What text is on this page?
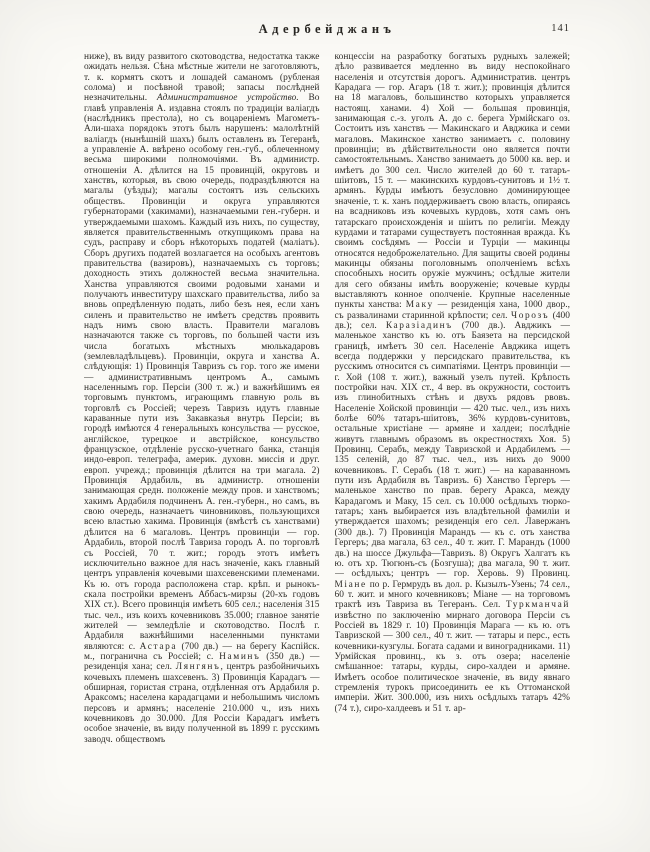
Адербейджанъ	141
ниже), въ виду развитого скотоводства, недостатка также ожидать нельзя. Сѣна мѣстные жители не заготовляютъ, т. к. кормятъ скотъ и лошадей саманомъ (рубленая солома) и посѣвной травой; запасы послѣдней незначительны. Административное устройство. Во главѣ управленія А. издавна стоялъ по традиціи валіагдъ (наслѣдникъ престола), но съ воцареніемъ Магометъ-Али-шаха порядокъ этотъ былъ нарушенъ: малолѣтній валіагдъ (нынѣшній шахъ) былъ оставленъ въ Тегеранѣ, а управленіе А. ввѣрено особому ген.-губ., облеченному весьма широкими полномочіями. Въ администр. отношеніи А. дѣлится на 15 провинцій, округовъ и ханствъ, которыя, въ свою очередь, подраздѣляются на магалы (уѣзды); магалы состоятъ изъ сельскихъ обществъ. Провинціи и округа управляются губернаторами (хакимами), назначаемыми ген.-губерн. и утверждаемыми шахомъ. Каждый изъ нихъ, по существу, является правительственнымъ откупщикомъ права на судъ, расправу и сборъ нѣкоторыхъ податей (маліатъ). Сборъ другихъ податей возлагается на особыхъ агентовъ правительства (вазировъ), назначаемыхъ съ торговъ; доходность этихъ должностей весьма значительна. Ханства управляются своими родовыми ханами и получаютъ инвеституру шахскаго правительства, либо за вновь опредѣленную подать, либо безъ нея, если ханъ силенъ и правительство не имѣетъ средствъ проявить надъ нимъ свою власть. Правители магаловъ назначаются также съ торговъ, по большей части изъ числа богатыхъ мѣстныхъ мюлькадаровъ (землевладѣльцевъ). Провинціи, округа и ханства А. слѣдующія: 1) Провинція Тавризъ съ гор. того же имени — административнымъ центромъ А., самымъ населеннымъ гор. Персіи (300 т. ж.) и важнѣйшимъ ея торговымъ пунктомъ, играющимъ главную роль въ торговлѣ съ Россіей; черезъ Тавризъ идутъ главные караванные пути изъ Закавказья внутрь Персіи; въ городѣ имѣются 4 генеральныхъ консульства — русское, англійское, турецкое и австрійское, консульство французское, отдѣленіе русско-учетнаго банка, станція индо-европ. телеграфа, америк. духовн. миссія и друг. европ. учрежд.; провинція дѣлится на три магала. 2) Провинція Ардабиль, въ администр. отношеніи занимающая средн. положеніе между пров. и ханствомъ; хакимъ Ардабиля подчиненъ А. ген.-губерн., но самъ, въ свою очередь, назначаетъ чиновниковъ, пользующихся всею властью хакима. Провинція (вмѣстѣ съ ханствами) дѣлится на 6 магаловъ. Центръ провинціи — гор. Ардабиль, второй послѣ Тавриза городъ А. по торговлѣ съ Россіей, 70 т. жит.; городъ этотъ имѣетъ исключительно важное для насъ значеніе, какъ главный центръ управленія кочевыми шахсевенскими племенами. Къ ю. отъ города расположена стар. крѣп. и рынокъ-скала постройки временъ Аббасъ-мирзы (20-хъ годовъ XIX ст.). Всего провинція имѣетъ 605 сел.; населенія 315 тыс. чел., изъ коихъ кочевниковъ 35.000; главное занятіе жителей — земледѣліе и скотоводство. Послѣ г. Ардабиля важнѣйшими населенными пунктами являются: с. Астара (700 дв.) — на берегу Каспійск. м., погранична съ Россіей; с. Наминъ (350 дв.) — резиденція хана; сел. Лянгянъ, центръ разбойничьихъ кочевыхъ племенъ шахсевенъ. 3) Провинція Карадагъ — обширная, гористая страна, отдѣленная отъ Ардабиля р. Араксомъ; населена карадагцами и небольшимъ числомъ персовъ и армянъ; населеніе 210.000 ч., изъ нихъ кочевниковъ до 30.000. Для Россіи Карадагъ имѣетъ особое значеніе, въ виду полученной въ 1899 г. русскимъ заводч. обществомъ
концессіи на разработку богатыхъ рудныхъ залежей; дѣло развивается медленно въ виду неспокойнаго населенія и отсутствія дорогъ. Административ. центръ Карадага — гор. Агаръ (18 т. жит.); провинція дѣлится на 18 магаловъ, большинство которыхъ управляется настоящ. ханами. 4) Хой — большая провинція, занимающая с.-з. уголъ А. до с. берега Урмійскаго оз. Состоитъ изъ ханствъ — Макинскаго и Авджика и семи магаловъ. Макинское ханство занимаетъ с. половину провинціи; въ дѣйствительности оно является почти самостоятельнымъ. Ханство занимаетъ до 5000 кв. вер. и имѣетъ до 300 сел. Число жителей до 60 т. татаръ-шіитовъ, 15 т. — макинскихъ курдовъ-сунитовъ и 1½ т. армянъ. Курды имѣютъ безусловно доминирующее значеніе, т. к. ханъ поддерживаетъ свою власть, опираясь на всадниковъ изъ кочевыхъ курдовъ, хотя самъ онъ татарскаго происхожденія и шіитъ по религіи. Между курдами и татарами существуетъ постоянная вражда. Къ своимъ сосѣдямъ — Россіи и Турціи — макинцы относятся недоброжелательно. Для защиты своей родины макинцы обязаны поголовнымъ ополченіемъ всѣхъ способныхъ носить оружіе мужчинъ; осѣдлые жители для сего обязаны имѣть вооруженіе; кочевые курды выставляютъ конное ополченіе. Крупные населенные пункты ханства: Маку — резиденція хана, 1000 двор., съ развалинами старинной крѣпости; сел. Чорозъ (400 дв.); сел. Каразіадинъ (700 дв.). Авджикъ — маленькое ханство къ ю. отъ Баязета на персидской границѣ, имѣетъ 30 сел. Населеніе Авджика ищетъ всегда поддержки у персидскаго правительства, къ русскимъ относится съ симпатіями. Центръ провинціи — г. Хой (108 т. жит.), важный узелъ путей. Крѣпость постройки нач. XIX ст., 4 вер. въ окружности, состоитъ изъ глинобитныхъ стѣнъ и двухъ рядовъ рвовъ. Населеніе Хойской провинціи — 420 тыс. чел., изъ нихъ болѣе 60% татаръ-шіитовъ, 36% курдовъ-сунитовъ, остальные христіане — армяне и халдеи; послѣдніе живутъ главнымъ образомъ въ окрестностяхъ Хоя. 5) Провинц. Серабъ, между Тавризской и Ардабилемъ — 135 селеній, до 87 тыс. чел., изъ нихъ до 9000 кочевниковъ. Г. Серабъ (18 т. жит.) — на караванномъ пути изъ Ардабиля въ Тавризъ. 6) Ханство Гергеръ — маленькое ханство по прав. берегу Аракса, между Карадагомъ и Маку, 15 сел. съ 10.000 осѣдлыхъ тюрко-татаръ; ханъ выбирается изъ владѣтельной фамиліи и утверждается шахомъ; резиденція его сел. Лавержанъ (300 дв.). 7) Провинція Марандъ — къ с. отъ ханства Гергеръ; два магала, 63 сел., 40 т. жит. Г. Марандъ (1000 дв.) на шоссе Джульфа—Тавризъ. 8) Округъ Халгатъ къ ю. отъ хр. Тюгюнъ-съ (Бозгуша); два магала, 90 т. жит. — осѣдлыхъ; центръ — гор. Херовь. 9) Провинц. Міане по р. Гермрудъ въ дол. р. Кызылъ-Узень; 74 сел., 60 т. жит. и много кочевниковъ; Міане — на торговомъ трактѣ изъ Тавриза въ Тегеранъ. Сел. Туркманчай извѣстно по заключенію мирнаго договора Персіи съ Россіей въ 1829 г. 10) Провинція Марага — къ ю. отъ Тавризской — 300 сел., 40 т. жит. — татары и перс., есть кочевники-кузгулы. Богата садами и виноградниками. 11) Урмійская провинц., къ з. отъ озера; населеніе смѣшанное: татары, курды, сиро-халдеи и армяне. Имѣетъ особое политическое значеніе, въ виду явнаго стремленія турокъ присоединить ее къ Оттоманской имперіи. Жит. 300.000, изъ нихъ осѣдлыхъ татаръ 42% (74 т.), сиро-халдеевъ и 51 т. ар-
